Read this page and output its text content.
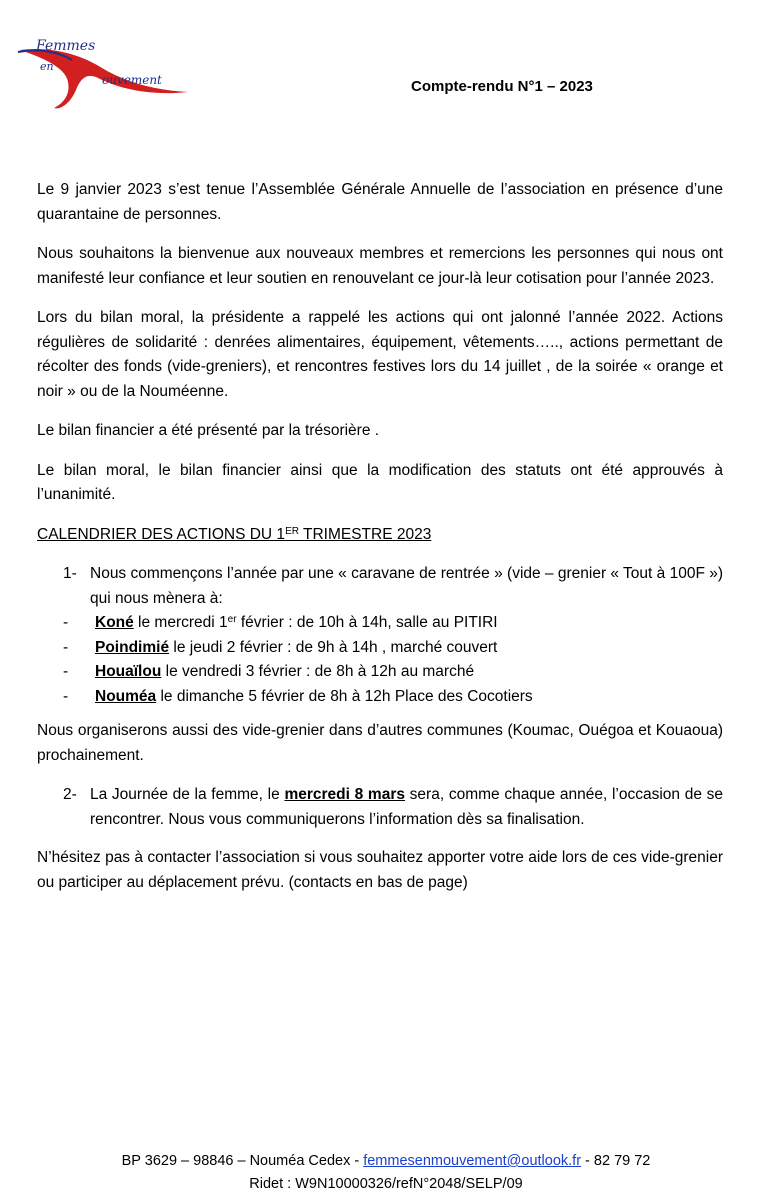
Femmes
en
ouvement	Compte-rendu N°1 – 2023

Le 9 janvier 2023 s’est tenue l’Assemblée Générale Annuelle de l’association en présence d’une quarantaine de personnes.

Nous souhaitons la bienvenue aux nouveaux membres et remercions les personnes qui nous ont manifesté leur confiance et leur soutien en renouvelant ce jour-là leur cotisation pour l’année 2023.

Lors du bilan moral, la présidente a rappelé les actions qui ont jalonné l’année 2022. Actions régulières de solidarité : denrées alimentaires, équipement, vêtements….., actions permettant de récolter des fonds (vide-greniers), et rencontres festives lors du 14 juillet , de la soirée « orange et noir » ou de la Nouméenne.

Le bilan financier a été présenté par la trésorière .

Le bilan moral, le bilan financier ainsi que la modification des statuts ont été approuvés à l’unanimité.

CALENDRIER DES ACTIONS DU 1ER TRIMESTRE 2023

1- Nous commençons l’année par une « caravane de rentrée » (vide – grenier « Tout à 100F ») qui nous mènera à:
-	Koné le mercredi 1er février : de 10h à 14h, salle au PITIRI
-	Poindimié le jeudi 2 février : de 9h à 14h , marché couvert
-	Houaïlou le vendredi 3 février : de 8h à 12h au marché
-	Nouméa le dimanche 5 février de 8h à 12h Place des Cocotiers

Nous organiserons aussi des vide-grenier dans d’autres communes (Koumac, Ouégoa et Kouaoua) prochainement.

2- La Journée de la femme, le mercredi 8 mars sera, comme chaque année, l’occasion de se rencontrer. Nous vous communiquerons l’information dès sa finalisation.

N’hésitez pas à contacter l’association si vous souhaitez apporter votre aide lors de ces vide-grenier ou participer au déplacement prévu. (contacts en bas de page)

BP 3629 – 98846 – Nouméa Cedex - femmesenmouvement@outlook.fr - 82 79 72
Ridet : W9N10000326/refN°2048/SELP/09
